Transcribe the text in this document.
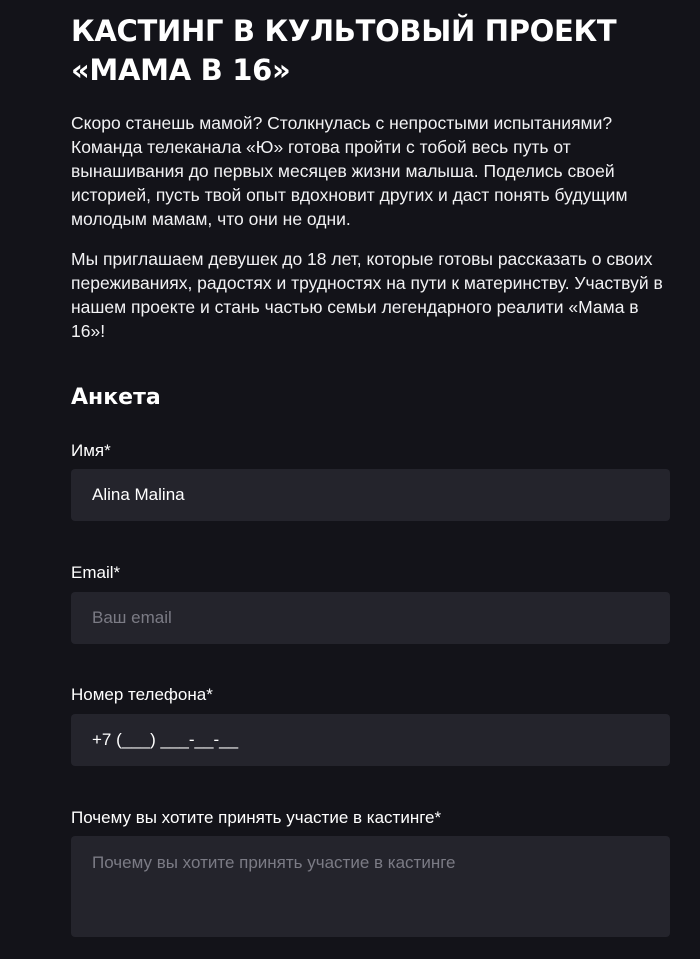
КАСТИНГ В КУЛЬТОВЫЙ ПРОЕКТ
«МАМА В 16»

Скоро станешь мамой? Столкнулась с непростыми испытаниями? Команда телеканала «Ю» готова пройти с тобой весь путь от вынашивания до первых месяцев жизни малыша. Поделись своей историей, пусть твой опыт вдохновит других и даст понять будущим молодым мамам, что они не одни.

Мы приглашаем девушек до 18 лет, которые готовы рассказать о своих переживаниях, радостях и трудностях на пути к материнству. Участвуй в нашем проекте и стань частью семьи легендарного реалити «Мама в 16»!

Анкета
Имя*
Alina Malina
Email*
Ваш email
Номер телефона*
+7 (___) ___-__-__
Почему вы хотите принять участие в кастинге*
Почему вы хотите принять участие в кастинге
